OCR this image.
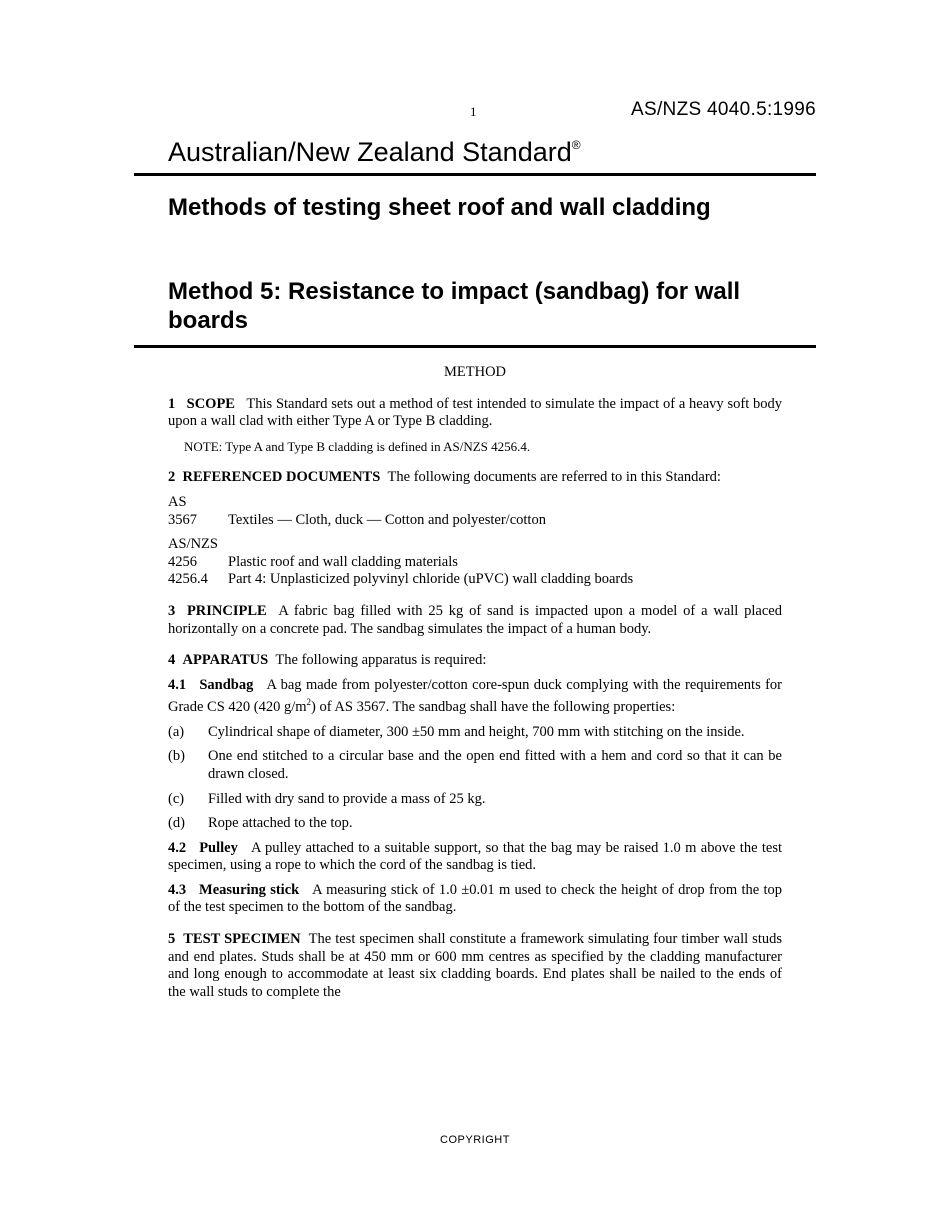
1	AS/NZS 4040.5:1996
Australian/New Zealand Standard®
Methods of testing sheet roof and wall cladding
Method 5: Resistance to impact (sandbag) for wall boards

METHOD

1 SCOPE This Standard sets out a method of test intended to simulate the impact of a heavy soft body upon a wall clad with either Type A or Type B cladding.

NOTE: Type A and Type B cladding is defined in AS/NZS 4256.4.

2 REFERENCED DOCUMENTS The following documents are referred to in this Standard:

AS
3567	Textiles — Cloth, duck — Cotton and polyester/cotton
AS/NZS
4256	Plastic roof and wall cladding materials
4256.4	Part 4: Unplasticized polyvinyl chloride (uPVC) wall cladding boards

3 PRINCIPLE A fabric bag filled with 25 kg of sand is impacted upon a model of a wall placed horizontally on a concrete pad. The sandbag simulates the impact of a human body.

4 APPARATUS The following apparatus is required:

4.1 Sandbag A bag made from polyester/cotton core-spun duck complying with the requirements for Grade CS 420 (420 $g/m^2$) of AS 3567. The sandbag shall have the following properties:

(a)	Cylindrical shape of diameter, 300 ±50 mm and height, 700 mm with stitching on the inside.
(b)	One end stitched to a circular base and the open end fitted with a hem and cord so that it can be drawn closed.
(c)	Filled with dry sand to provide a mass of 25 kg.
(d)	Rope attached to the top.

4.2 Pulley A pulley attached to a suitable support, so that the bag may be raised 1.0 m above the test specimen, using a rope to which the cord of the sandbag is tied.

4.3 Measuring stick A measuring stick of 1.0 ±0.01 m used to check the height of drop from the top of the test specimen to the bottom of the sandbag.

5 TEST SPECIMEN The test specimen shall constitute a framework simulating four timber wall studs and end plates. Studs shall be at 450 mm or 600 mm centres as specified by the cladding manufacturer and long enough to accommodate at least six cladding boards. End plates shall be nailed to the ends of the wall studs to complete the

COPYRIGHT
